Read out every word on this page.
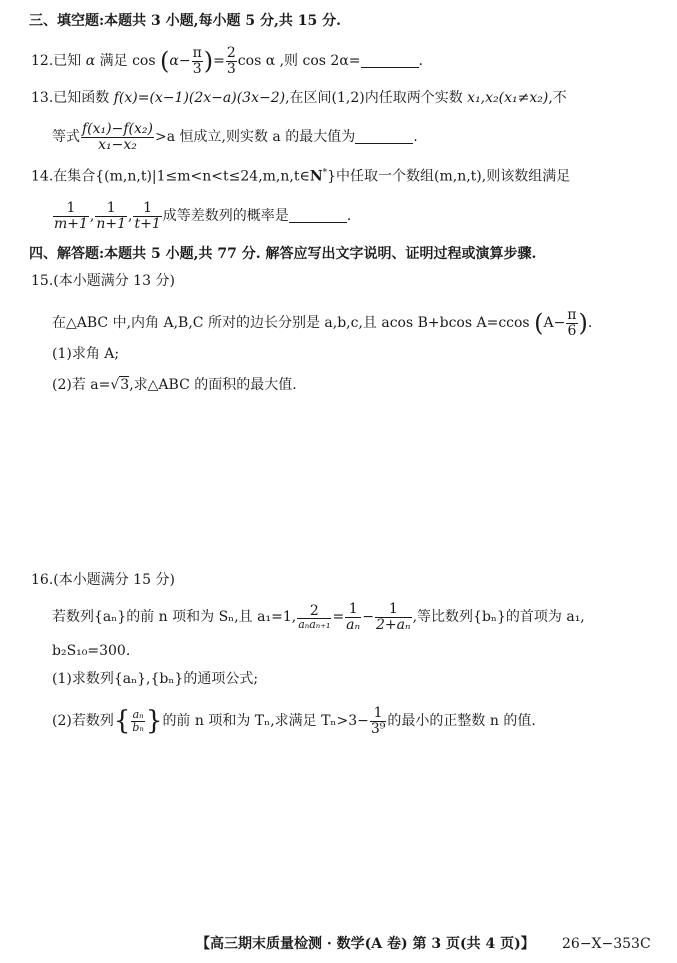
三、填空题:本题共 3 小题,每小题 5 分,共 15 分.
12.已知 α 满足 $\cos (\alpha- \frac{\pi}{3}$ )= $\frac{2}{3}$ cos α ,则 cos 2α=	.
13.已知函数 f(x)=(x−1)(2x−a)(3x−2),在区间(1,2)内任取两个实数 x₁,x₂(x₁≠x₂),不
等式 $\frac{\text{f(x₁)−f(x₂)}}{\text{x₁−x₂}} >a$ 恒成立,则实数 a 的最大值为	.
14.在集合{(m,n,t)|1≤m<n<t≤24,m,n,t∈N*}中任取一个数组(m,n,t),则该数组满足
$\frac{1}{m+1}$ , $\frac{1}{n+1}$ , $\frac{1}{t+1}$ 成等差数列的概率是	.
四、解答题:本题共 5 小题,共 77 分. 解答应写出文字说明、证明过程或演算步骤.
15.(本小题满分 13 分)
在△ABC 中,内角 A,B,C 所对的边长分别是 a,b,c,且 acos B+bcos A=ccos ($A- \frac{\pi}{6}$ ).
(1)求角 A;
(2)若 a=√3,求△ABC 的面积的最大值.
16.(本小题满分 15 分)
若数列{aₙ}的前 n 项和为 Sₙ,且 a₁=1, $\frac{2}{\text{aₙaₙ₊₁}} = \frac{1}{\text{aₙ}} - \frac{1}{\text{2+aₙ}}$ ,等比数列{bₙ}的首项为 a₁,
b₂S₁₀=300.
(1)求数列{aₙ},{bₙ}的通项公式;
(2)若数列{ $\frac{\text{aₙ}}{\text{bₙ}}$ }的前 n 项和为 Tₙ,求满足 $T_n>3- \frac{1}{\text{3⁹}}$ 的最小的正整数 n 的值.
【高三期末质量检测 · 数学(A 卷) 第 3 页(共 4 页)】 26−X−353C
